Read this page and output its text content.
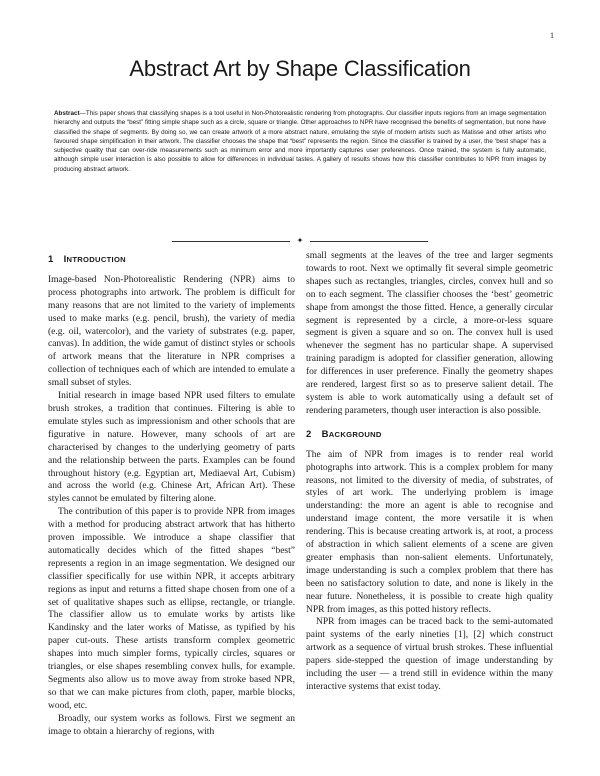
1
Abstract Art by Shape Classification

Abstract—This paper shows that classifying shapes is a tool useful in Non-Photorealistic rendering from photographs. Our classifier inputs regions from an image segmentation hierarchy and outputs the “best” fitting simple shape such as a circle, square or triangle. Other approaches to NPR have recognised the benefits of segmentation, but none have classified the shape of segments. By doing so, we can create artwork of a more abstract nature, emulating the style of modern artists such as Matisse and other artists who favoured shape simplification in their artwork. The classifier chooses the shape that “best” represents the region. Since the classifier is trained by a user, the ‘best shape’ has a subjective quality that can over-ride measurements such as minimum error and more importantly captures user preferences. Once trained, the system is fully automatic, although simple user interaction is also possible to allow for differences in individual tastes. A gallery of results shows how this classifier contributes to NPR from images by producing abstract artwork.

✦
1 INTRODUCTION

Image-based Non-Photorealistic Rendering (NPR) aims to process photographs into artwork. The problem is difficult for many reasons that are not limited to the variety of implements used to make marks (e.g. pencil, brush), the variety of media (e.g. oil, watercolor), and the variety of substrates (e.g. paper, canvas). In addition, the wide gamut of distinct styles or schools of artwork means that the literature in NPR comprises a collection of techniques each of which are intended to emulate a small subset of styles.

Initial research in image based NPR used filters to emulate brush strokes, a tradition that continues. Filtering is able to emulate styles such as impressionism and other schools that are figurative in nature. However, many schools of art are characterised by changes to the underlying geometry of parts and the relationship between the parts. Examples can be found throughout history (e.g. Egyptian art, Mediaeval Art, Cubism) and across the world (e.g. Chinese Art, African Art). These styles cannot be emulated by filtering alone.

The contribution of this paper is to provide NPR from images with a method for producing abstract artwork that has hitherto proven impossible. We introduce a shape classifier that automatically decides which of the fitted shapes “best” represents a region in an image segmentation. We designed our classifier specifically for use within NPR, it accepts arbitrary regions as input and returns a fitted shape chosen from one of a set of qualitative shapes such as ellipse, rectangle, or triangle. The classifier allow us to emulate works by artists like Kandinsky and the later works of Matisse, as typified by his paper cut-outs. These artists transform complex geometric shapes into much simpler forms, typically circles, squares or triangles, or else shapes resembling convex hulls, for example. Segments also allow us to move away from stroke based NPR, so that we can make pictures from cloth, paper, marble blocks, wood, etc.

Broadly, our system works as follows. First we segment an image to obtain a hierarchy of regions, with

small segments at the leaves of the tree and larger segments towards to root. Next we optimally fit several simple geometric shapes such as rectangles, triangles, circles, convex hull and so on to each segment. The classifier chooses the ‘best’ geometric shape from amongst the those fitted. Hence, a generally circular segment is represented by a circle, a more-or-less square segment is given a square and so on. The convex hull is used whenever the segment has no particular shape. A supervised training paradigm is adopted for classifier generation, allowing for differences in user preference. Finally the geometry shapes are rendered, largest first so as to preserve salient detail. The system is able to work automatically using a default set of rendering parameters, though user interaction is also possible.

2 BACKGROUND

The aim of NPR from images is to render real world photographs into artwork. This is a complex problem for many reasons, not limited to the diversity of media, of substrates, of styles of art work. The underlying problem is image understanding: the more an agent is able to recognise and understand image content, the more versatile it is when rendering. This is because creating artwork is, at root, a process of abstraction in which salient elements of a scene are given greater emphasis than non-salient elements. Unfortunately, image understanding is such a complex problem that there has been no satisfactory solution to date, and none is likely in the near future. Nonetheless, it is possible to create high quality NPR from images, as this potted history reflects.

NPR from images can be traced back to the semi-automated paint systems of the early nineties [1], [2] which construct artwork as a sequence of virtual brush strokes. These influential papers side-stepped the question of image understanding by including the user — a trend still in evidence within the many interactive systems that exist today.
